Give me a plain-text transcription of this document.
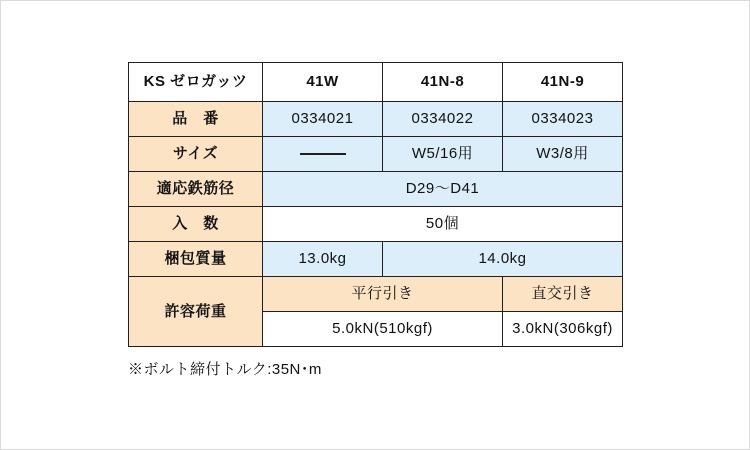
KS ゼロガッツ	41W	41N-8	41N-9
品　番	0334021	0334022	0334023
サイズ		W5/16用	W3/8用
適応鉄筋径	D29〜D41		
入　数	50個		
梱包質量	13.0kg	14.0kg	
許容荷重	平行引き		直交引き
	5.0kN(510kgf)		3.0kN(306kgf)
※ボルト締付トルク:35N･m
